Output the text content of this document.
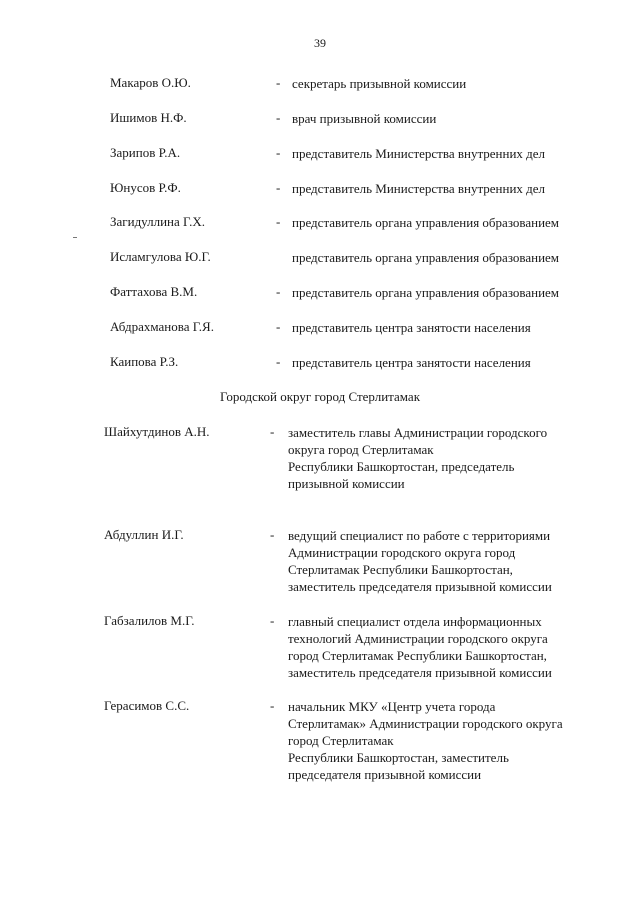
39
Макаров О.Ю.	- секретарь призывной комиссии
Ишимов Н.Ф.	- врач призывной комиссии
Зарипов Р.А.	- представитель Министерства внутренних дел
Юнусов Р.Ф.	- представитель Министерства внутренних дел
Загидуллина Г.Х.	- представитель органа управления образованием
Исламгулова Ю.Г.	представитель органа управления образованием
Фаттахова В.М.	- представитель органа управления образованием
Абдрахманова Г.Я.	- представитель центра занятости населения
Каипова Р.З.	- представитель центра занятости населения
Городской округ город Стерлитамак
Шайхутдинов А.Н.	- заместитель главы Администрации городского
округа город Стерлитамак
Республики Башкортостан, председатель
призывной комиссии
Абдуллин И.Г.	- ведущий специалист по работе с территориями
Администрации городского округа город
Стерлитамак Республики Башкортостан,
заместитель председателя призывной комиссии
Габзалилов М.Г.	- главный специалист отдела информационных
технологий Администрации городского округа
город Стерлитамак Республики Башкортостан,
заместитель председателя призывной комиссии
Герасимов С.С.	- начальник МКУ «Центр учета города
Стерлитамак» Администрации городского округа
город Стерлитамак
Республики Башкортостан, заместитель
председателя призывной комиссии
